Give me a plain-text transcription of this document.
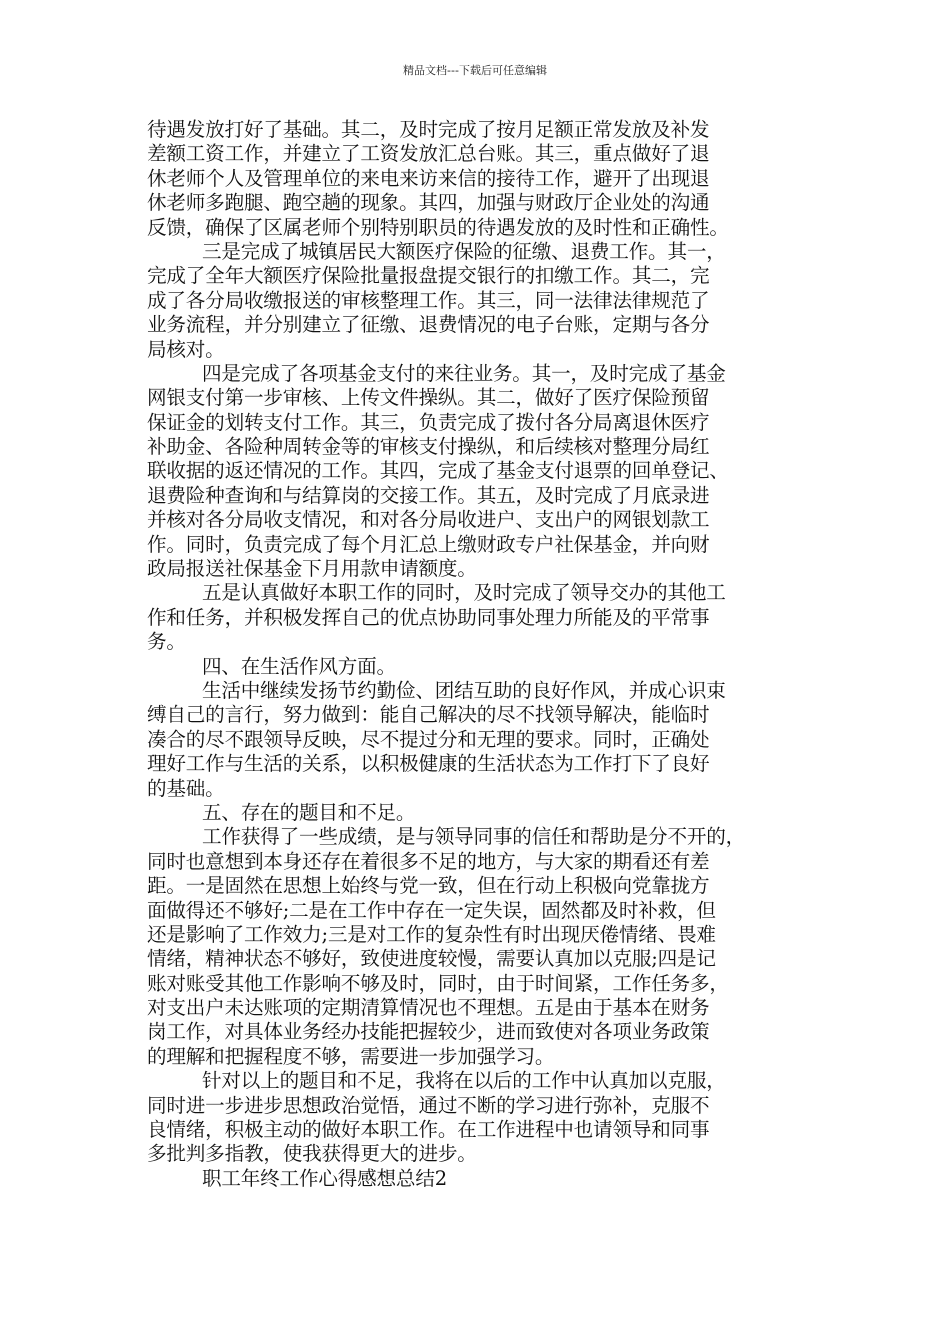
精品文档---下载后可任意编辑
待遇发放打好了基础。其二，及时完成了按月足额正常发放及补发
差额工资工作，并建立了工资发放汇总台账。其三，重点做好了退
休老师个人及管理单位的来电来访来信的接待工作，避开了出现退
休老师多跑腿、跑空趟的现象。其四，加强与财政厅企业处的沟通
反馈，确保了区属老师个别特别职员的待遇发放的及时性和正确性。
三是完成了城镇居民大额医疗保险的征缴、退费工作。其一，
完成了全年大额医疗保险批量报盘提交银行的扣缴工作。其二，完
成了各分局收缴报送的审核整理工作。其三，同一法律法律规范了
业务流程，并分别建立了征缴、退费情况的电子台账，定期与各分
局核对。
四是完成了各项基金支付的来往业务。其一，及时完成了基金
网银支付第一步审核、上传文件操纵。其二，做好了医疗保险预留
保证金的划转支付工作。其三，负责完成了拨付各分局离退休医疗
补助金、各险种周转金等的审核支付操纵，和后续核对整理分局红
联收据的返还情况的工作。其四，完成了基金支付退票的回单登记、
退费险种查询和与结算岗的交接工作。其五，及时完成了月底录进
并核对各分局收支情况，和对各分局收进户、支出户的网银划款工
作。同时，负责完成了每个月汇总上缴财政专户社保基金，并向财
政局报送社保基金下月用款申请额度。
五是认真做好本职工作的同时，及时完成了领导交办的其他工
作和任务，并积极发挥自己的优点协助同事处理力所能及的平常事
务。
四、在生活作风方面。
生活中继续发扬节约勤俭、团结互助的良好作风，并成心识束
缚自己的言行，努力做到：能自己解决的尽不找领导解决，能临时
凑合的尽不跟领导反映，尽不提过分和无理的要求。同时，正确处
理好工作与生活的关系，以积极健康的生活状态为工作打下了良好
的基础。
五、存在的题目和不足。
工作获得了一些成绩，是与领导同事的信任和帮助是分不开的，
同时也意想到本身还存在着很多不足的地方，与大家的期看还有差
距。一是固然在思想上始终与党一致，但在行动上积极向党靠拢方
面做得还不够好;二是在工作中存在一定失误，固然都及时补救，但
还是影响了工作效力;三是对工作的复杂性有时出现厌倦情绪、畏难
情绪，精神状态不够好，致使进度较慢，需要认真加以克服;四是记
账对账受其他工作影响不够及时，同时，由于时间紧，工作任务多，
对支出户未达账项的定期清算情况也不理想。五是由于基本在财务
岗工作，对具体业务经办技能把握较少，进而致使对各项业务政策
的理解和把握程度不够，需要进一步加强学习。
针对以上的题目和不足，我将在以后的工作中认真加以克服，
同时进一步进步思想政治觉悟，通过不断的学习进行弥补，克服不
良情绪，积极主动的做好本职工作。在工作进程中也请领导和同事
多批判多指教，使我获得更大的进步。
职工年终工作心得感想总结2
